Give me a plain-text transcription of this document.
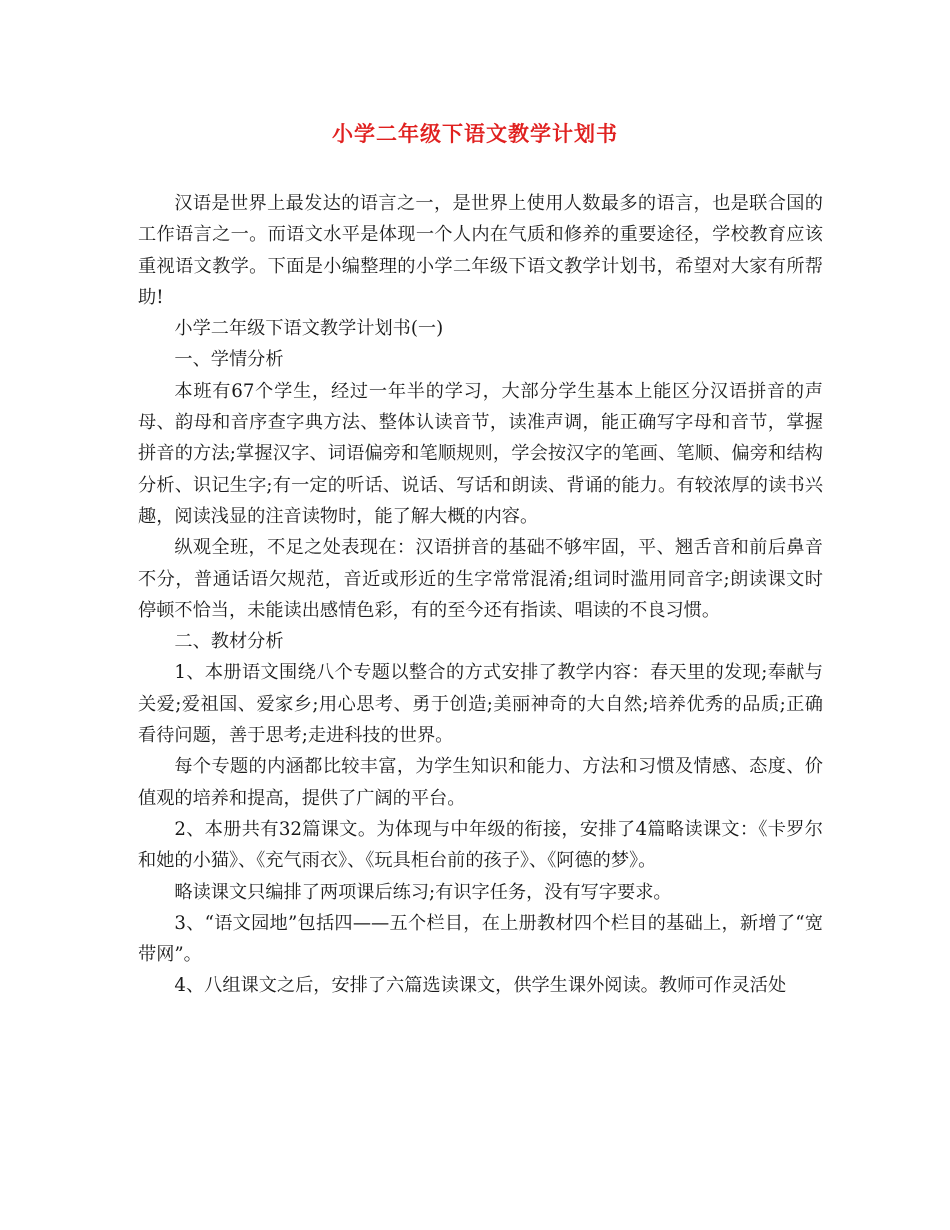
小学二年级下语文教学计划书

汉语是世界上最发达的语言之一，是世界上使用人数最多的语言，也是联合国的工作语言之一。而语文水平是体现一个人内在气质和修养的重要途径，学校教育应该重视语文教学。下面是小编整理的小学二年级下语文教学计划书，希望对大家有所帮助!

小学二年级下语文教学计划书(一)

一、学情分析

本班有67个学生，经过一年半的学习，大部分学生基本上能区分汉语拼音的声母、韵母和音序查字典方法、整体认读音节，读准声调，能正确写字母和音节，掌握拼音的方法;掌握汉字、词语偏旁和笔顺规则，学会按汉字的笔画、笔顺、偏旁和结构分析、识记生字;有一定的听话、说话、写话和朗读、背诵的能力。有较浓厚的读书兴趣，阅读浅显的注音读物时，能了解大概的内容。

纵观全班，不足之处表现在：汉语拼音的基础不够牢固，平、翘舌音和前后鼻音不分，普通话语欠规范，音近或形近的生字常常混淆;组词时滥用同音字;朗读课文时停顿不恰当，未能读出感情色彩，有的至今还有指读、唱读的不良习惯。

二、教材分析

1、本册语文围绕八个专题以整合的方式安排了教学内容：春天里的发现;奉献与关爱;爱祖国、爱家乡;用心思考、勇于创造;美丽神奇的大自然;培养优秀的品质;正确看待问题，善于思考;走进科技的世界。

每个专题的内涵都比较丰富，为学生知识和能力、方法和习惯及情感、态度、价值观的培养和提高，提供了广阔的平台。

2、本册共有32篇课文。为体现与中年级的衔接，安排了4篇略读课文：《卡罗尔和她的小猫》、《充气雨衣》、《玩具柜台前的孩子》、《阿德的梦》。

略读课文只编排了两项课后练习;有识字任务，没有写字要求。

3、“语文园地”包括四——五个栏目，在上册教材四个栏目的基础上，新增了“宽带网”。

4、八组课文之后，安排了六篇选读课文，供学生课外阅读。教师可作灵活处
